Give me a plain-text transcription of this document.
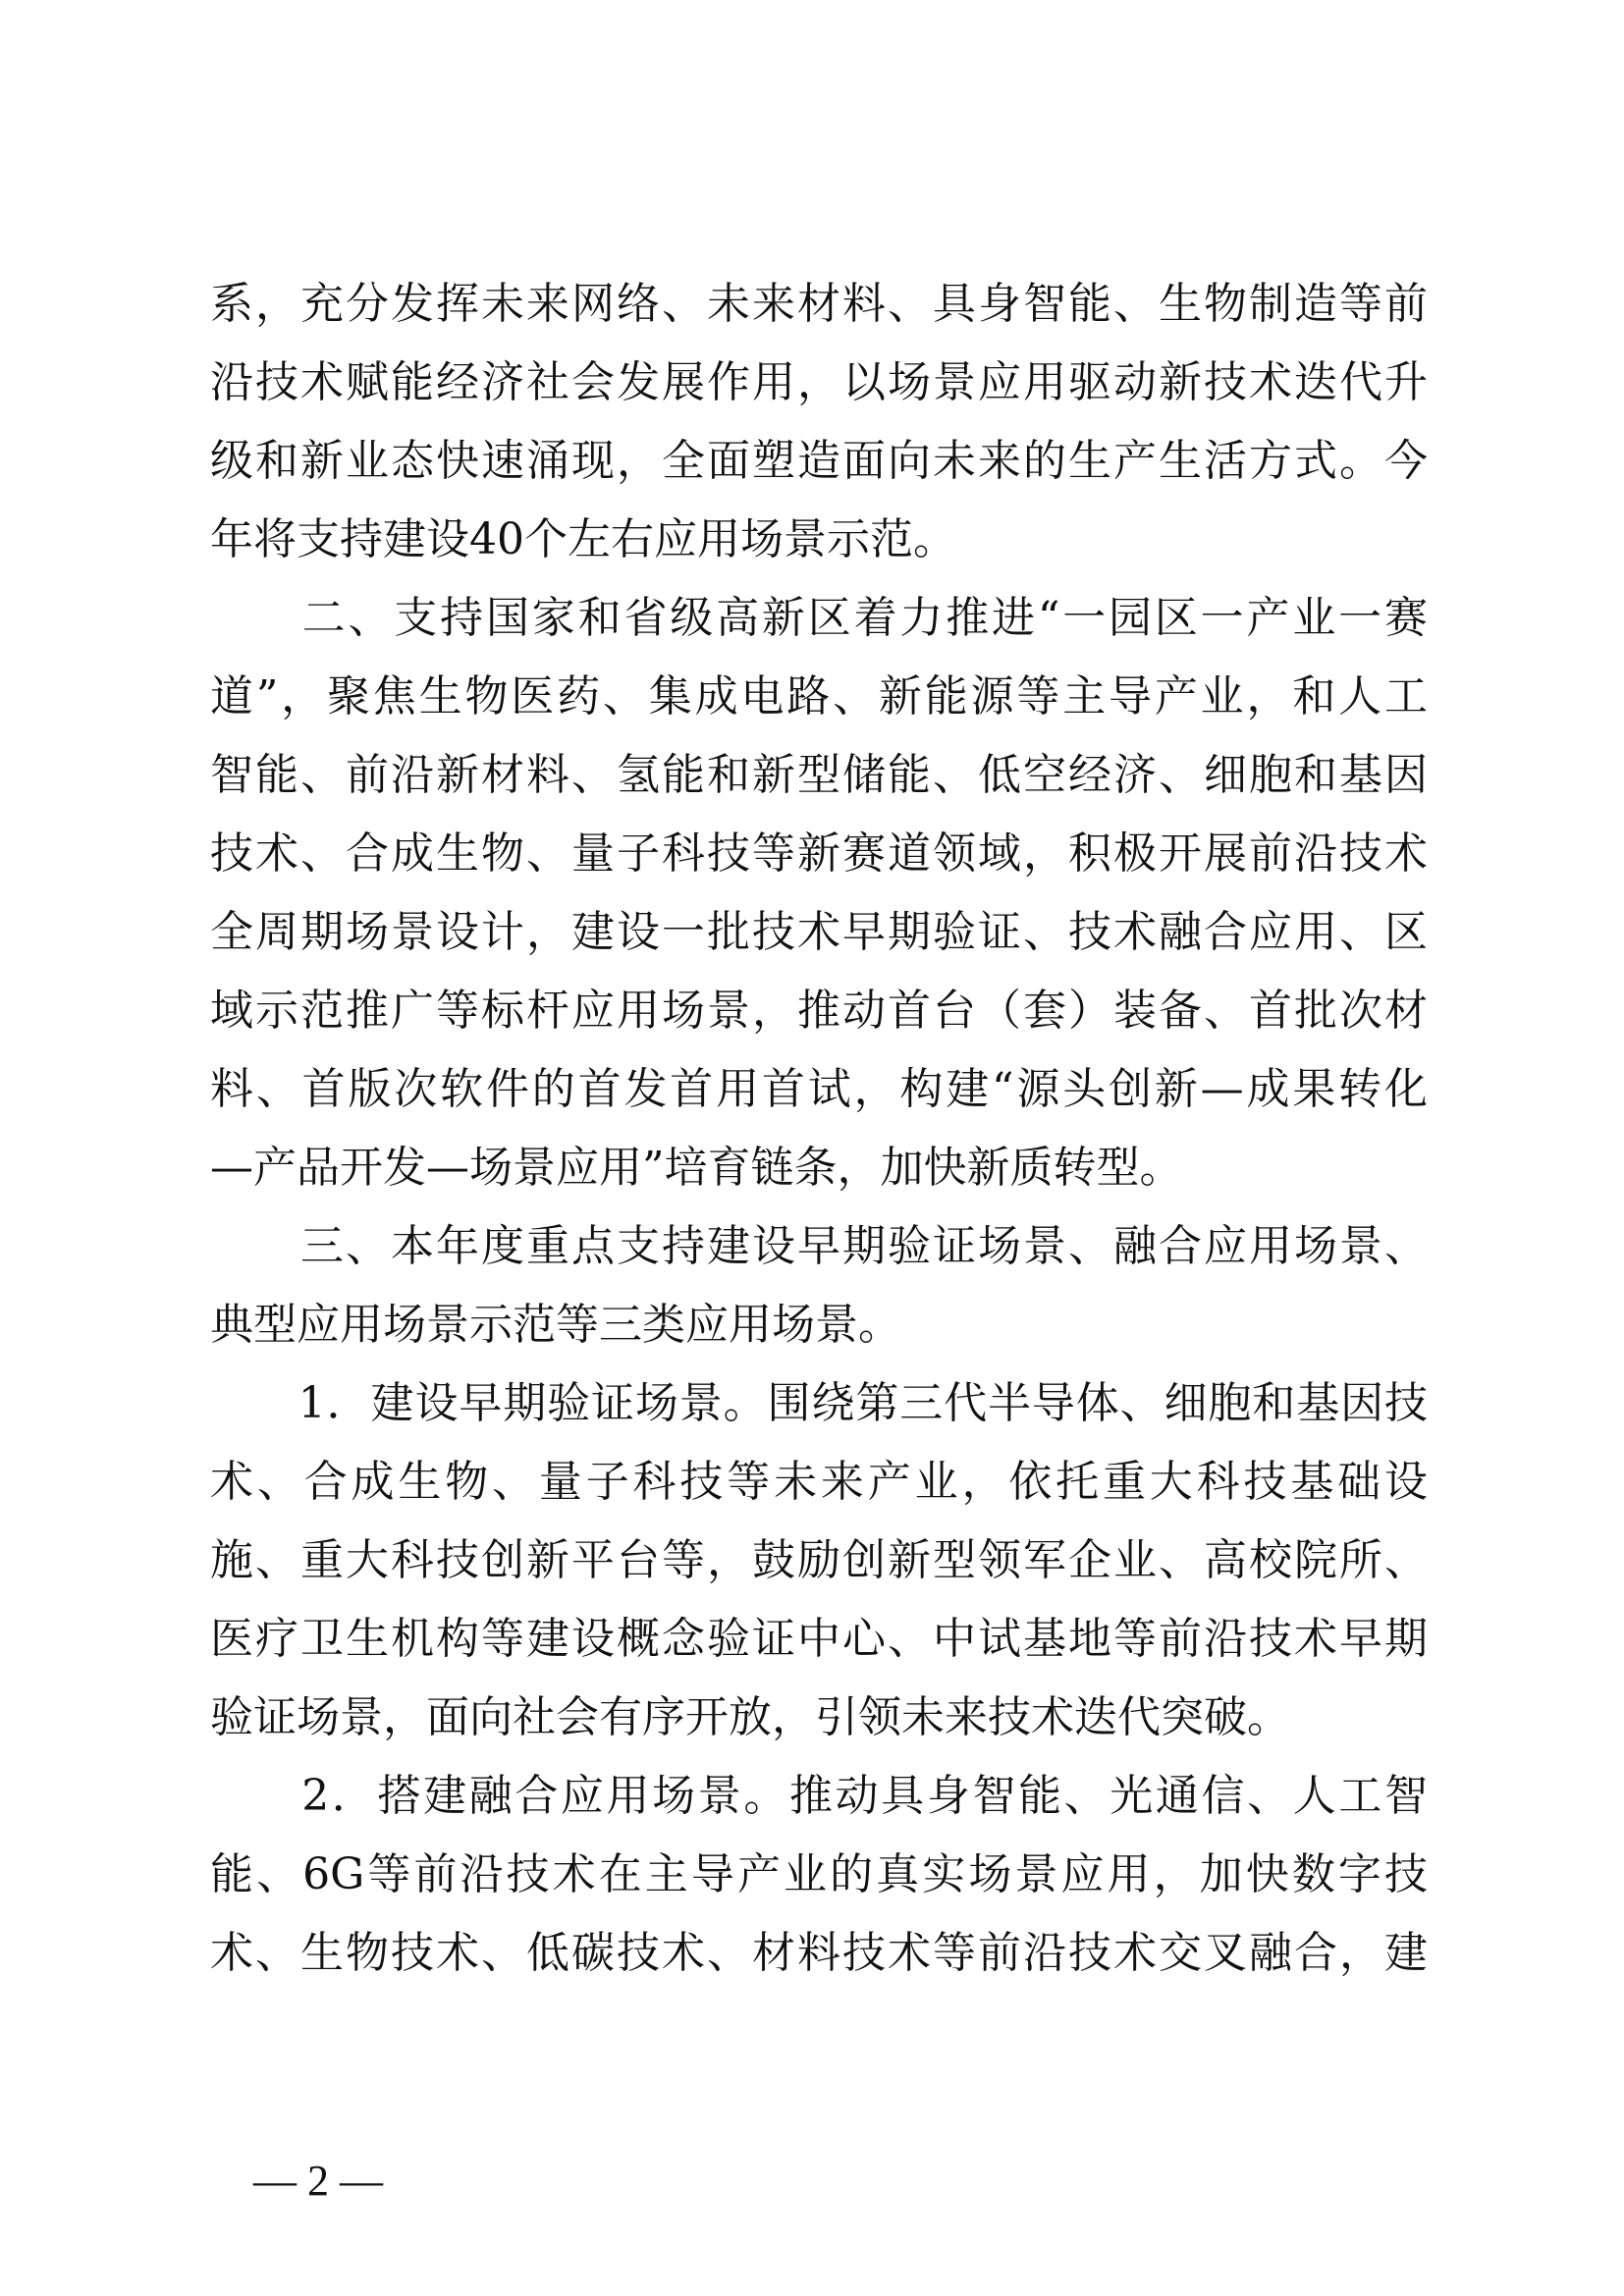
系，充分发挥未来网络、未来材料、具身智能、生物制造等前
沿技术赋能经济社会发展作用，以场景应用驱动新技术迭代升
级和新业态快速涌现，全面塑造面向未来的生产生活方式。今
年将支持建设40个左右应用场景示范。
　　二、支持国家和省级高新区着力推进“一园区一产业一赛
道”，聚焦生物医药、集成电路、新能源等主导产业，和人工
智能、前沿新材料、氢能和新型储能、低空经济、细胞和基因
技术、合成生物、量子科技等新赛道领域，积极开展前沿技术
全周期场景设计，建设一批技术早期验证、技术融合应用、区
域示范推广等标杆应用场景，推动首台（套）装备、首批次材
料、首版次软件的首发首用首试，构建“源头创新—成果转化
—产品开发—场景应用”培育链条，加快新质转型。
　　三、本年度重点支持建设早期验证场景、融合应用场景、
典型应用场景示范等三类应用场景。
　　1．建设早期验证场景。围绕第三代半导体、细胞和基因技
术、合成生物、量子科技等未来产业，依托重大科技基础设
施、重大科技创新平台等，鼓励创新型领军企业、高校院所、
医疗卫生机构等建设概念验证中心、中试基地等前沿技术早期
验证场景，面向社会有序开放，引领未来技术迭代突破。
　　2．搭建融合应用场景。推动具身智能、光通信、人工智
能、6G等前沿技术在主导产业的真实场景应用，加快数字技
术、生物技术、低碳技术、材料技术等前沿技术交叉融合，建
— 2 —
